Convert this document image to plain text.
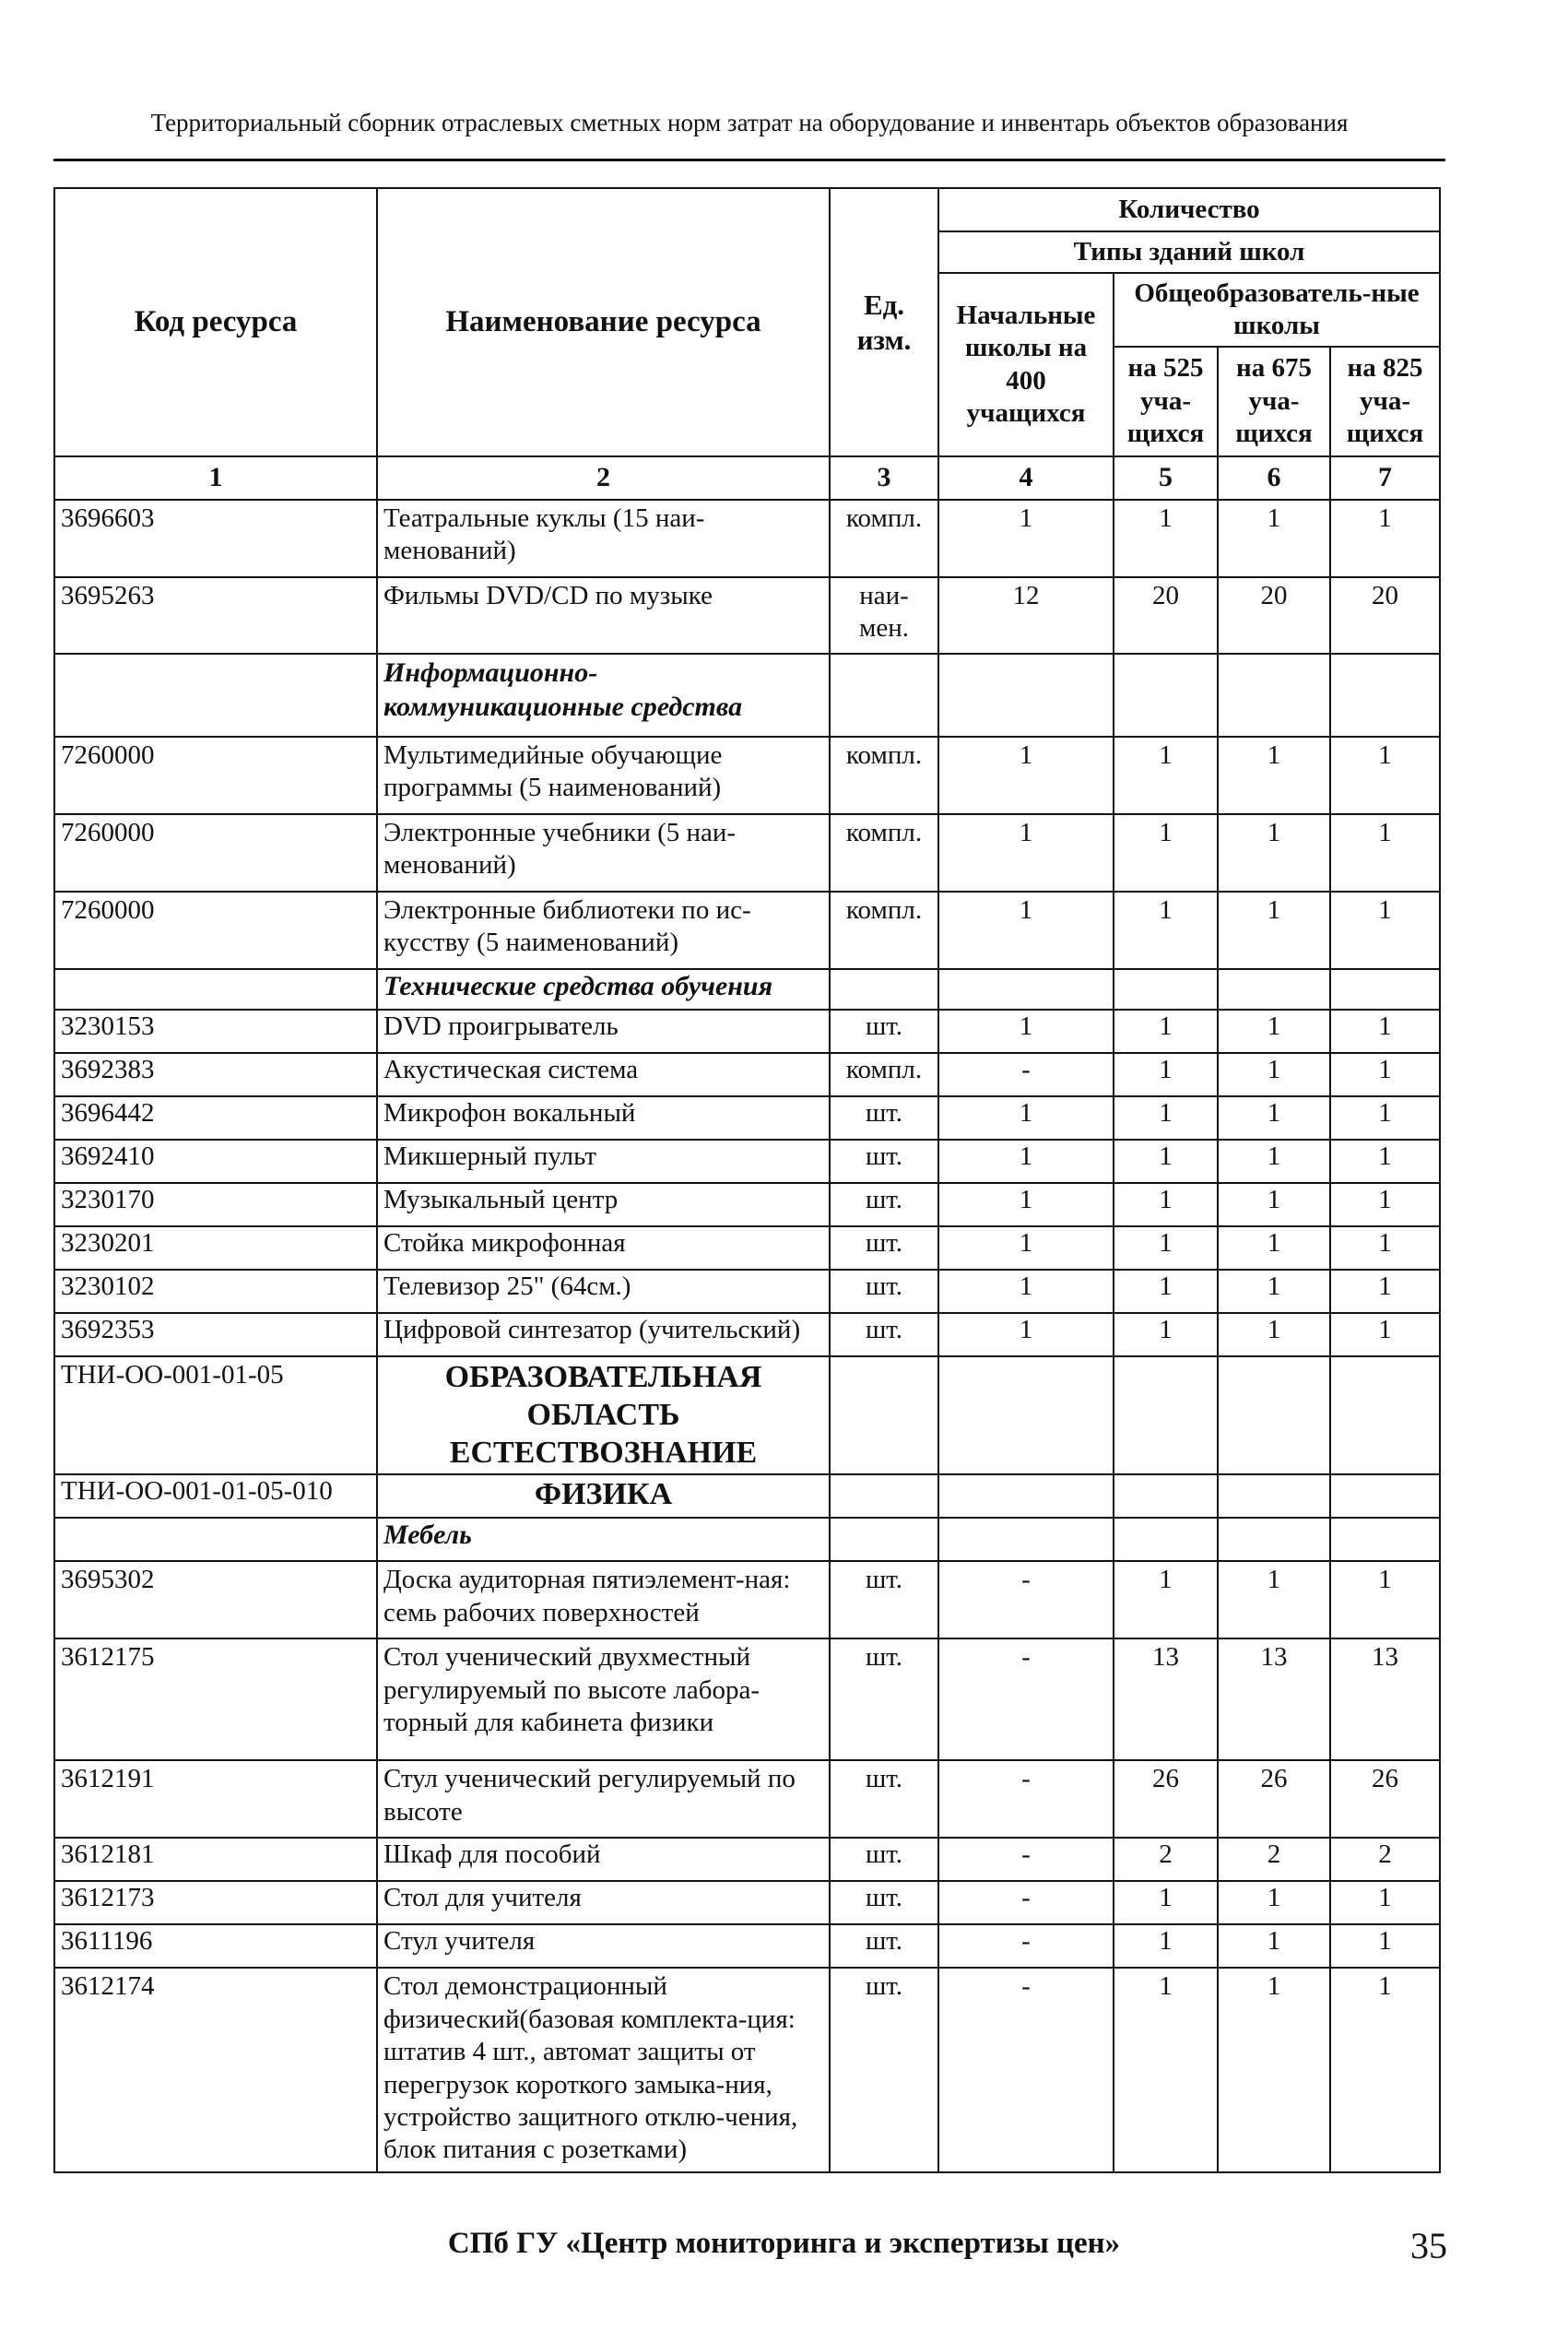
Территориальный сборник отраслевых сметных норм затрат на оборудование и инвентарь объектов образования
Код ресурса	Наименование ресурса	Ед. изм.	Количество			
			Типы зданий школ			
			Начальные школы на 400 учащихся	Общеобразователь-ные школы		
				на 525 уча-щихся	на 675 уча-щихся	на 825 уча-щихся
1	2	3	4	5	6	7
3696603	Театральные куклы (15 наи-менований)	компл.	1	1	1	1
3695263	Фильмы DVD/CD по музыке	наи-мен.	12	20	20	20
	Информационно-коммуникационные средства					
7260000	Мультимедийные обучающие программы (5 наименований)	компл.	1	1	1	1
7260000	Электронные учебники (5 наи-менований)	компл.	1	1	1	1
7260000	Электронные библиотеки по ис-кусству (5 наименований)	компл.	1	1	1	1
	Технические средства обучения					
3230153	DVD проигрыватель	шт.	1	1	1	1
3692383	Акустическая система	компл.	-	1	1	1
3696442	Микрофон вокальный	шт.	1	1	1	1
3692410	Микшерный пульт	шт.	1	1	1	1
3230170	Музыкальный центр	шт.	1	1	1	1
3230201	Стойка микрофонная	шт.	1	1	1	1
3230102	Телевизор 25" (64см.)	шт.	1	1	1	1
3692353	Цифровой синтезатор (учительский)	шт.	1	1	1	1
ТНИ-ОО-001-01-05	ОБРАЗОВАТЕЛЬНАЯ ОБЛАСТЬ ЕСТЕСТВОЗНАНИЕ					
ТНИ-ОО-001-01-05-010	ФИЗИКА					
	Мебель					
3695302	Доска аудиторная пятиэлемент-ная: семь рабочих поверхностей	шт.	-	1	1	1
3612175	Стол ученический двухместный регулируемый по высоте лабора-торный для кабинета физики	шт.	-	13	13	13
3612191	Стул ученический регулируемый по высоте	шт.	-	26	26	26
3612181	Шкаф для пособий	шт.	-	2	2	2
3612173	Стол для учителя	шт.	-	1	1	1
3611196	Стул учителя	шт.	-	1	1	1
3612174	Стол демонстрационный физический(базовая комплекта-ция: штатив 4 шт., автомат защиты от перегрузок короткого замыка-ния, устройство защитного отклю-чения, блок питания с розетками)	шт.	-	1	1	1
СПб ГУ «Центр мониторинга и экспертизы цен»	35
